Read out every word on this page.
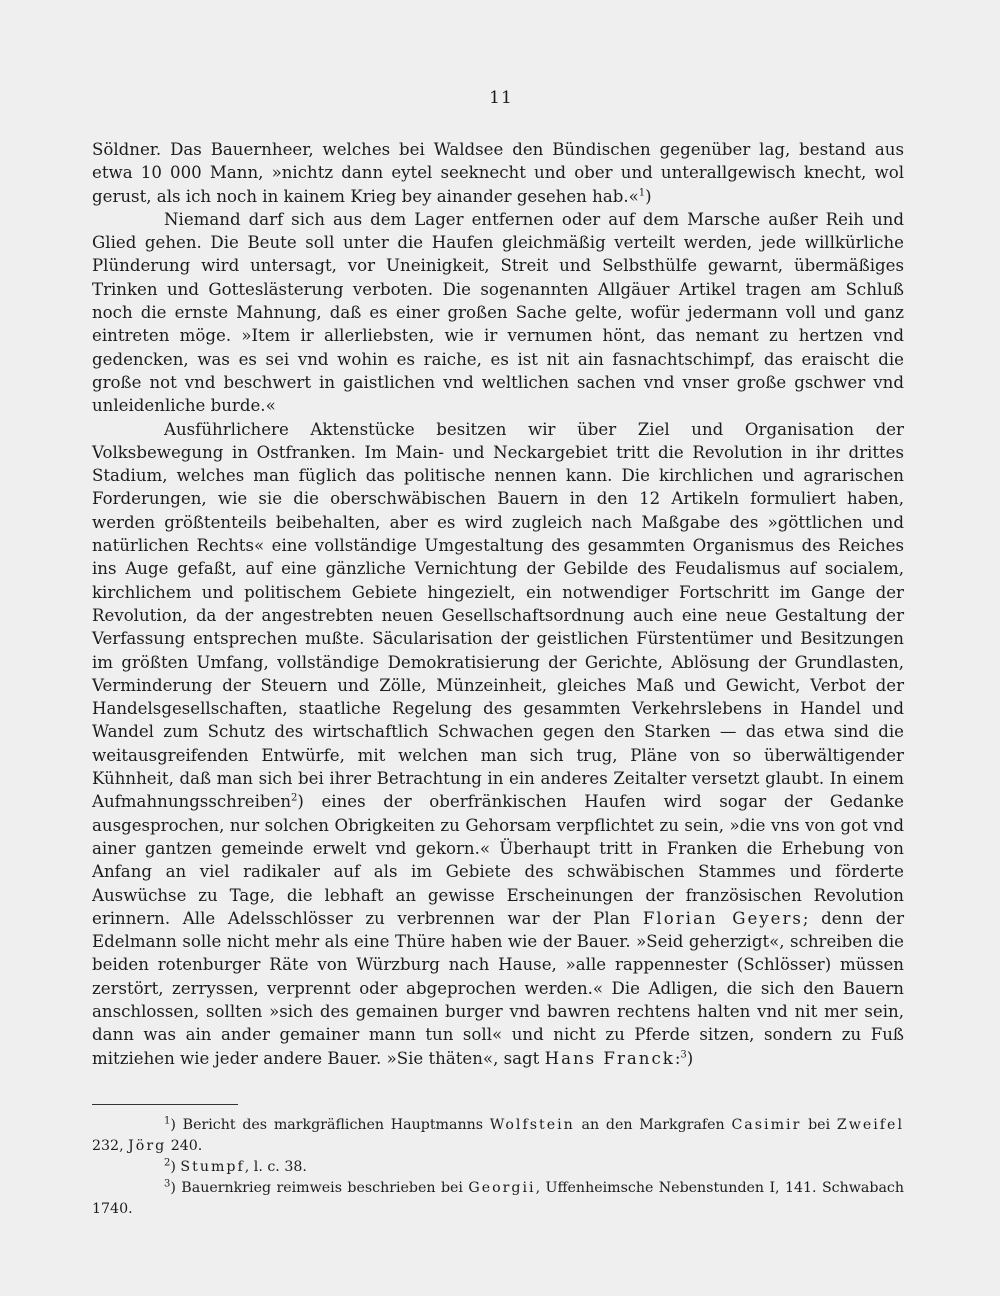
11

Söldner. Das Bauernheer, welches bei Waldsee den Bündischen gegenüber lag, bestand aus etwa 10 000 Mann, »nichtz dann eytel seeknecht und ober und unterallgewisch knecht, wol gerust, als ich noch in kainem Krieg bey ainander gesehen hab.«$^1$)

Niemand darf sich aus dem Lager entfernen oder auf dem Marsche außer Reih und Glied gehen. Die Beute soll unter die Haufen gleichmäßig verteilt werden, jede willkürliche Plünderung wird untersagt, vor Uneinigkeit, Streit und Selbsthülfe gewarnt, übermäßiges Trinken und Gotteslästerung verboten. Die sogenannten Allgäuer Artikel tragen am Schluß noch die ernste Mahnung, daß es einer großen Sache gelte, wofür jedermann voll und ganz eintreten möge. »Item ir allerliebsten, wie ir vernumen hönt, das nemant zu hertzen vnd gedencken, was es sei vnd wohin es raiche, es ist nit ain fasnachtschimpf, das eraischt die große not vnd beschwert in gaistlichen vnd weltlichen sachen vnd vnser große gschwer vnd unleidenliche burde.«

Ausführlichere Aktenstücke besitzen wir über Ziel und Organisation der Volksbewegung in Ostfranken. Im Main- und Neckargebiet tritt die Revolution in ihr drittes Stadium, welches man füglich das politische nennen kann. Die kirchlichen und agrarischen Forderungen, wie sie die oberschwäbischen Bauern in den 12 Artikeln formuliert haben, werden größtenteils beibehalten, aber es wird zugleich nach Maßgabe des »göttlichen und natürlichen Rechts« eine vollständige Umgestaltung des gesammten Organismus des Reiches ins Auge gefaßt, auf eine gänzliche Vernichtung der Gebilde des Feudalismus auf socialem, kirchlichem und politischem Gebiete hingezielt, ein notwendiger Fortschritt im Gange der Revolution, da der angestrebten neuen Gesellschaftsordnung auch eine neue Gestaltung der Verfassung entsprechen mußte. Säcularisation der geistlichen Fürstentümer und Besitzungen im größten Umfang, vollständige Demokratisierung der Gerichte, Ablösung der Grundlasten, Verminderung der Steuern und Zölle, Münzeinheit, gleiches Maß und Gewicht, Verbot der Handelsgesellschaften, staatliche Regelung des gesammten Verkehrslebens in Handel und Wandel zum Schutz des wirtschaftlich Schwachen gegen den Starken — das etwa sind die weitausgreifenden Entwürfe, mit welchen man sich trug, Pläne von so überwältigender Kühnheit, daß man sich bei ihrer Betrachtung in ein anderes Zeitalter versetzt glaubt. In einem Aufmahnungsschreiben$^2$) eines der oberfränkischen Haufen wird sogar der Gedanke ausgesprochen, nur solchen Obrigkeiten zu Gehorsam verpflichtet zu sein, »die vns von got vnd ainer gantzen gemeinde erwelt vnd gekorn.« Überhaupt tritt in Franken die Erhebung von Anfang an viel radikaler auf als im Gebiete des schwäbischen Stammes und förderte Auswüchse zu Tage, die lebhaft an gewisse Erscheinungen der französischen Revolution erinnern. Alle Adelsschlösser zu verbrennen war der Plan Florian Geyers; denn der Edelmann solle nicht mehr als eine Thüre haben wie der Bauer. »Seid geherzigt«, schreiben die beiden rotenburger Räte von Würzburg nach Hause, »alle rappennester (Schlösser) müssen zerstört, zerryssen, verprennt oder abgeprochen werden.« Die Adligen, die sich den Bauern anschlossen, sollten »sich des gemainen burger vnd bawren rechtens halten vnd nit mer sein, dann was ain ander gemainer mann tun soll« und nicht zu Pferde sitzen, sondern zu Fuß mitziehen wie jeder andere Bauer. »Sie thäten«, sagt Hans Franck:$^3$)

$^1$) Bericht des markgräflichen Hauptmanns Wolfstein an den Markgrafen Casimir bei Zweifel 232, Jörg 240.

$^2$) Stumpf, l. c. 38.

$^3$) Bauernkrieg reimweis beschrieben bei Georgii, Uffenheimsche Nebenstunden I, 141. Schwabach 1740.
